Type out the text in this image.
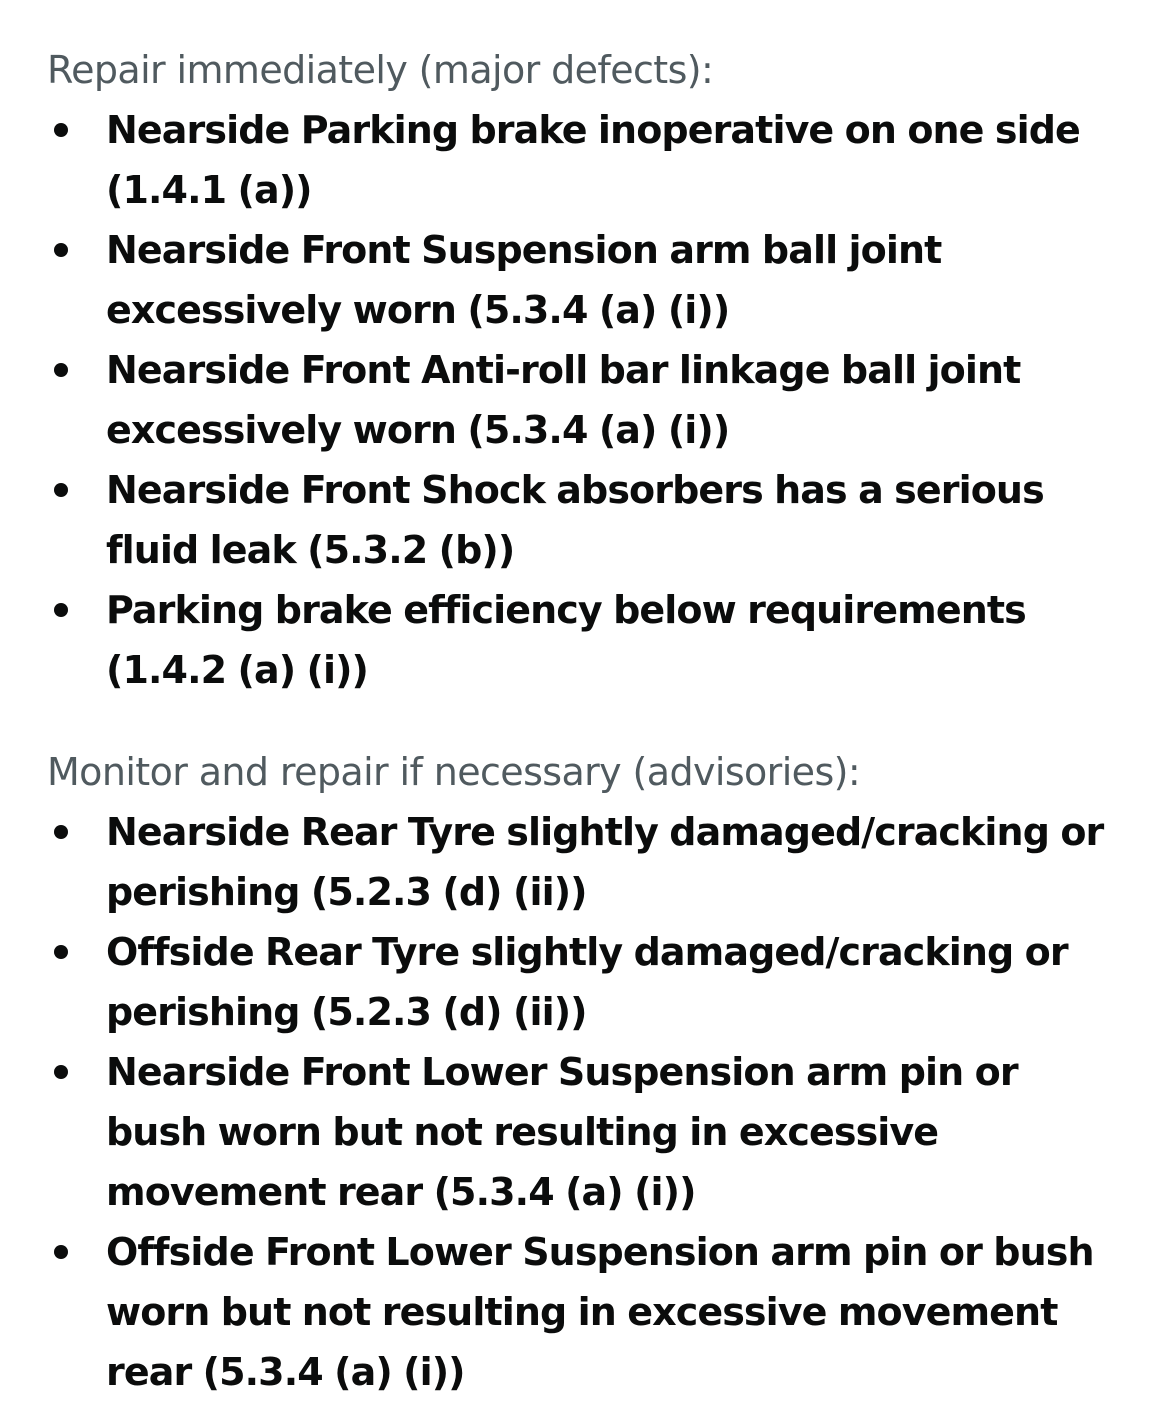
Repair immediately (major defects):
Nearside Parking brake inoperative on one side (1.4.1 (a))
Nearside Front Suspension arm ball joint excessively worn (5.3.4 (a) (i))
Nearside Front Anti-roll bar linkage ball joint excessively worn (5.3.4 (a) (i))
Nearside Front Shock absorbers has a serious fluid leak (5.3.2 (b))
Parking brake efficiency below requirements (1.4.2 (a) (i))
Monitor and repair if necessary (advisories):
Nearside Rear Tyre slightly damaged/cracking or perishing (5.2.3 (d) (ii))
Offside Rear Tyre slightly damaged/cracking or perishing (5.2.3 (d) (ii))
Nearside Front Lower Suspension arm pin or bush worn but not resulting in excessive movement rear (5.3.4 (a) (i))
Offside Front Lower Suspension arm pin or bush worn but not resulting in excessive movement rear (5.3.4 (a) (i))
